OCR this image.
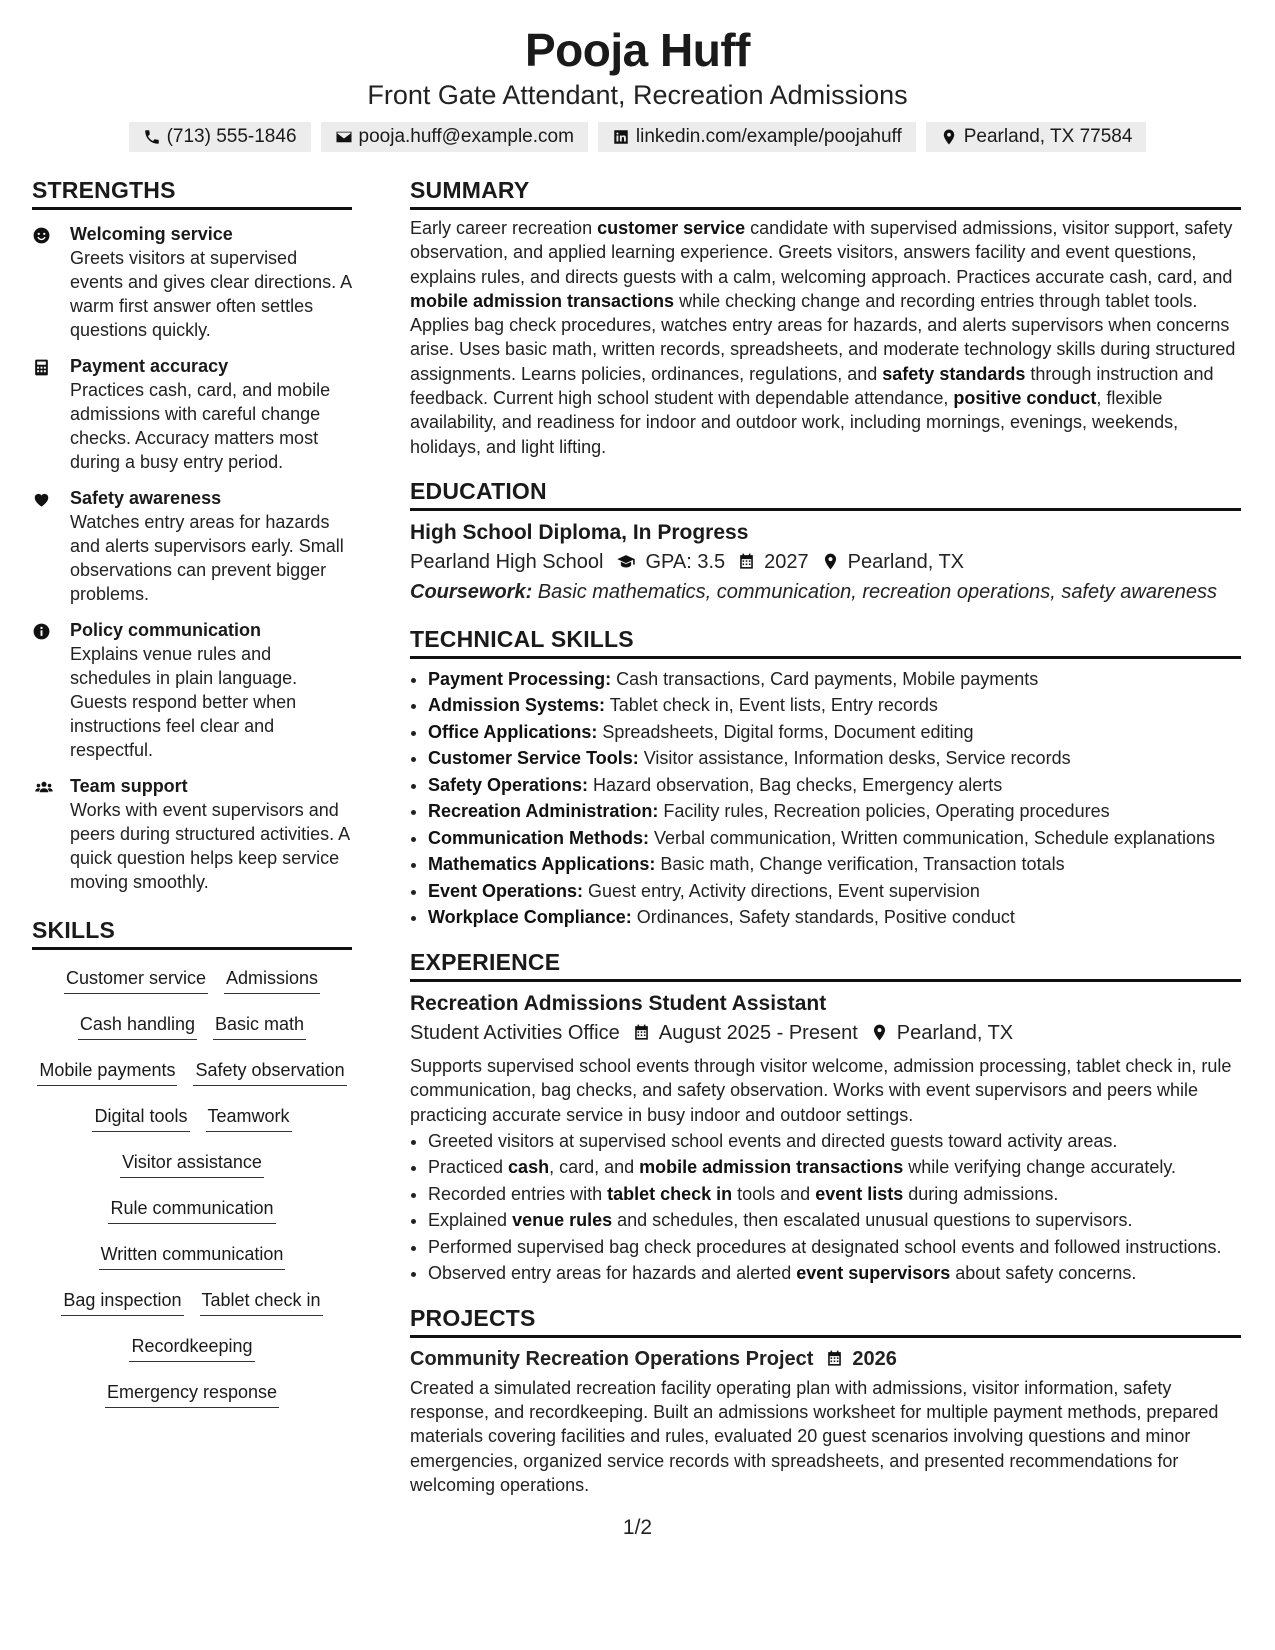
Pooja Huff
Front Gate Attendant, Recreation Admissions
(713) 555-1846	pooja.huff@example.com	linkedin.com/example/poojahuff	Pearland, TX 77584
STRENGTHS
Welcoming service
Greets visitors at supervised events and gives clear directions. A warm first answer often settles questions quickly.
Payment accuracy
Practices cash, card, and mobile admissions with careful change checks. Accuracy matters most during a busy entry period.
Safety awareness
Watches entry areas for hazards and alerts supervisors early. Small observations can prevent bigger problems.
Policy communication
Explains venue rules and schedules in plain language. Guests respond better when instructions feel clear and respectful.
Team support
Works with event supervisors and peers during structured activities. A quick question helps keep service moving smoothly.
SKILLS
Customer service Admissions
Cash handling Basic math
Mobile payments Safety observation
Digital tools Teamwork
Visitor assistance
Rule communication
Written communication
Bag inspection Tablet check in
Recordkeeping
Emergency response
SUMMARY
Early career recreation customer service candidate with supervised admissions, visitor support, safety observation, and applied learning experience. Greets visitors, answers facility and event questions, explains rules, and directs guests with a calm, welcoming approach. Practices accurate cash, card, and mobile admission transactions while checking change and recording entries through tablet tools. Applies bag check procedures, watches entry areas for hazards, and alerts supervisors when concerns arise. Uses basic math, written records, spreadsheets, and moderate technology skills during structured assignments. Learns policies, ordinances, regulations, and safety standards through instruction and feedback. Current high school student with dependable attendance, positive conduct, flexible availability, and readiness for indoor and outdoor work, including mornings, evenings, weekends, holidays, and light lifting.
EDUCATION
High School Diploma, In Progress
Pearland High School GPA: 3.5 2027 Pearland, TX
Coursework: Basic mathematics, communication, recreation operations, safety awareness
TECHNICAL SKILLS
• Payment Processing: Cash transactions, Card payments, Mobile payments
• Admission Systems: Tablet check in, Event lists, Entry records
• Office Applications: Spreadsheets, Digital forms, Document editing
• Customer Service Tools: Visitor assistance, Information desks, Service records
• Safety Operations: Hazard observation, Bag checks, Emergency alerts
• Recreation Administration: Facility rules, Recreation policies, Operating procedures
• Communication Methods: Verbal communication, Written communication, Schedule explanations
• Mathematics Applications: Basic math, Change verification, Transaction totals
• Event Operations: Guest entry, Activity directions, Event supervision
• Workplace Compliance: Ordinances, Safety standards, Positive conduct
EXPERIENCE
Recreation Admissions Student Assistant
Student Activities Office August 2025 - Present Pearland, TX
Supports supervised school events through visitor welcome, admission processing, tablet check in, rule communication, bag checks, and safety observation. Works with event supervisors and peers while practicing accurate service in busy indoor and outdoor settings.
• Greeted visitors at supervised school events and directed guests toward activity areas.
• Practiced cash, card, and mobile admission transactions while verifying change accurately.
• Recorded entries with tablet check in tools and event lists during admissions.
• Explained venue rules and schedules, then escalated unusual questions to supervisors.
• Performed supervised bag check procedures at designated school events and followed instructions.
• Observed entry areas for hazards and alerted event supervisors about safety concerns.
PROJECTS
Community Recreation Operations Project 2026
Created a simulated recreation facility operating plan with admissions, visitor information, safety response, and recordkeeping. Built an admissions worksheet for multiple payment methods, prepared materials covering facilities and rules, evaluated 20 guest scenarios involving questions and minor emergencies, organized service records with spreadsheets, and presented recommendations for welcoming operations.
1/2
